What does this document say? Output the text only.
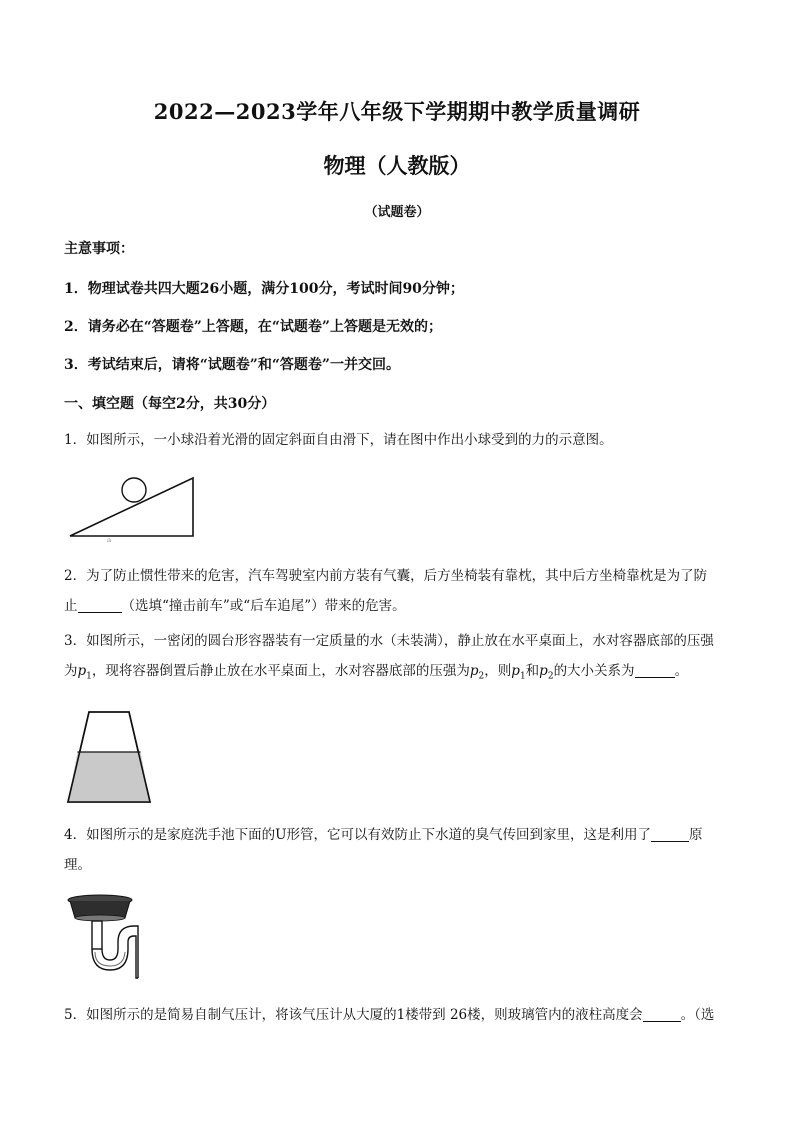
2022—2023学年八年级下学期期中教学质量调研
物理（人教版）
（试题卷）
主意事项：
1．物理试卷共四大题26小题，满分100分，考试时间90分钟；
2．请务必在“答题卷”上答题，在“试题卷”上答题是无效的；
3．考试结束后，请将“试题卷”和“答题卷”一并交回。
一、填空题（每空2分，共30分）
1．如图所示，一小球沿着光滑的固定斜面自由滑下，请在图中作出小球受到的力的示意图。
ａ
2．为了防止惯性带来的危害，汽车驾驶室内前方装有气囊，后方坐椅装有靠枕，其中后方坐椅靠枕是为了防
止	（选填“撞击前车”或“后车追尾”）带来的危害。
3．如图所示，一密闭的圆台形容器装有一定质量的水（未装满），静止放在水平桌面上，水对容器底部的压强
为$p_1$，现将容器倒置后静止放在水平桌面上，水对容器底部的压强为$p_2$，则$p_1$和$p_2$的大小关系为	。
4．如图所示的是家庭洗手池下面的U形管，它可以有效防止下水道的臭气传回到家里，这是利用了	原
理。
5．如图所示的是简易自制气压计，将该气压计从大厦的1楼带到 26楼，则玻璃管内的液柱高度会	。（选
